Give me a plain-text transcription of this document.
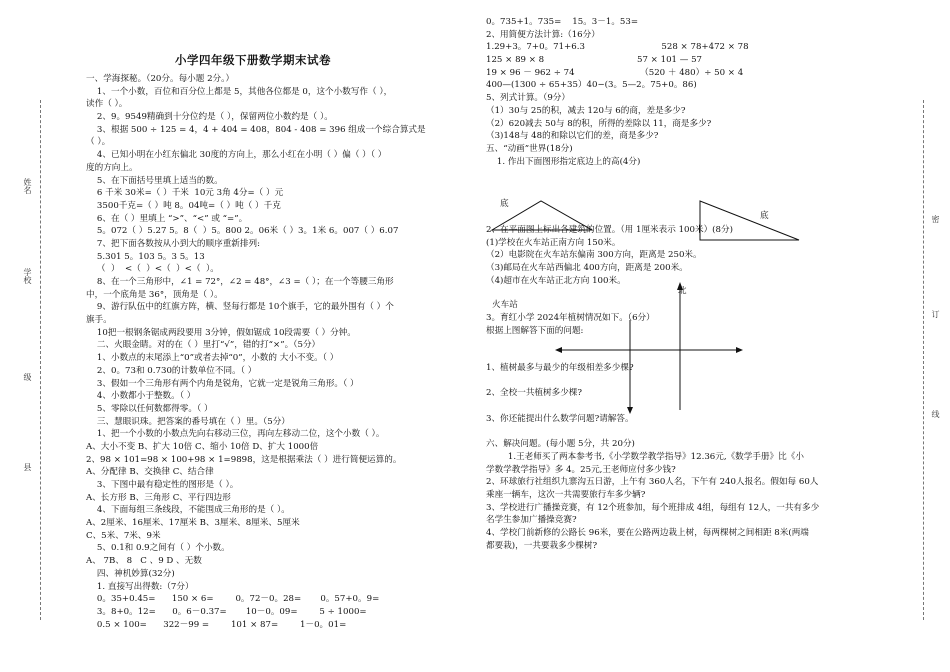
姓名
学校
级
县
密
订
线
小学四年级下册数学期末试卷
一、学海探秘。（20分。每小题 2分。）
1、一个小数，百位和百分位上都是 5，其他各位都是 0，这个小数写作（ ），
读作（ ）。
2、9。9549精确到十分位约是（ ），保留两位小数约是（ ）。
3、根据 500 ÷ 125 = 4，4 + 404 = 408，804 - 408 = 396 组成一个综合算式是
（ ）。
4、已知小明在小红东偏北 30度的方向上，那么小红在小明（ ）偏（ ）（ ）
度的方向上。
5、在下面括号里填上适当的数。
6 千米 30米=（ ）千米  10元 3角 4分=（ ）元
3500千克=（ ）吨 8。04吨=（ ）吨（ ）千克
6、在（ ）里填上 “>”、“<” 或 “=”。
5。072（ ）5.27 5。8（  ）5。800 2。06米（ ）3。1米 6。007（ ）6.07
7、把下面各数按从小到大的顺序重新排列:
5.301 5。103 5。3 5。13
（  ）  <（  ）<（  ）<（  ）。
8、在一个三角形中，∠1 = 72°，∠2 = 48°，∠3 =（ ）；在一个等腰三角形
中，一个底角是 36°，顶角是（ ）。
9、游行队伍中的红旗方阵，横、竖每行都是 10个旗手，它的最外围有（ ）个
旗手。
10把一根钢条锯成两段要用 3分钟，假如锯成 10段需要（ ）分钟。
二、火眼金睛。对的在（ ）里打“√”，错的打“×”。（5分）
1、小数点的末尾添上“0”或者去掉“0”，小数的 大小不变。（ ）
2、0。73和 0.730的计数单位不同。（ ）
3、假如一个三角形有两个内角是锐角，它就一定是锐角三角形。（ ）
4、小数都小于整数。（ ）
5、零除以任何数都得零。（ ）
三、慧眼识珠。把答案的番号填在（ ）里。（5分）
1、把一个小数的小数点先向右移动三位，再向左移动二位，这个小数（ ）。
A、大小不变 B、扩大 10倍 C、缩小 10倍 D、扩大 1000倍
2、98 × 101=98 × 100+98 × 1=9898，这是根据乘法（ ）进行简便运算的。
A、分配律 B、交换律 C、结合律
3、下图中最有稳定性的图形是（ ）。
A、长方形 B、三角形 C、平行四边形
4、下面每组三条线段，不能围成三角形的是（ ）。
A、2厘米、16厘米、17厘米 B、3厘米、8厘米、5厘米
C、5米、7米、9米
5、0.1和 0.9之间有（ ）个小数。
A、 7B、 8   C 、9 D 、无数
四、神机妙算(32分)
1. 直接写出得数:（7分）
0。35+0.45=      150 × 6=        0。72－0。28=       0。57+0。9=
3。8+0。12=      0。6－0.37=       10－0。09=        5 ÷ 1000=
0.5 × 100=      322－99 =        101 × 87=        1－0。01=
0。735+1。735=    15。3－1。53=
2、用简便方法计算:（16分）
1.29+3。7+0。71+6.3                            528 × 78+472 × 78
125 × 89 × 8                                  57 × 101 — 57
19 × 96 － 962 ÷ 74                        （520 ＋ 480）÷ 50 × 4
400—(1300 ÷ 65+35）40−(3。5—2。75+0。86)
5、列式计算。（9分）
（1）30与 25的积，减去 120与 6的商，差是多少?
（2）620减去 50与 8的积，所得的差除以 11，商是多少?
（3)148与 48的和除以它们的差，商是多少?
五、“动画”世界(18分)
1. 作出下面图形指定底边上的高(4分)
底
底
2、在平面图上标出各建筑的位置。（用 1厘米表示 100米）(8分)
(1)学校在火车站正南方向 150米。
（2）电影院在火车站东偏南 300方向，距离是 250米。
（3)邮局在火车站西偏北 400方向，距离是 200米。
（4)超市在火车站正北方向 100米。
北
火车站
3。育红小学 2024年植树情况如下。（6分）
根据上图解答下面的问题:
1、植树最多与最少的年级相差多少棵?
2、全校一共植树多少棵?
3、你还能提出什么数学问题?请解答。
六、解决问题。(每小题 5分，共 20分)
1.王老师买了两本参考书,《小学数学教学指导》12.36元,《数学手册》比《小
学数学教学指导》多 4。25元,王老师应付多少钱?
2、环球旅行社组织九寨沟五日游，上午有 360人名，下午有 240人报名。假如每 60人
乘座一辆车，这次一共需要旅行车多少辆?
3、学校进行广播操竞赛，有 12个班参加，每个班排成 4组，每组有 12人，一共有多少
名学生参加广播操竞赛?
4、学校门前新修的公路长 96米，要在公路两边栽上树，每两棵树之间相距 8米(两端
都要栽)，一共要栽多少棵树?
